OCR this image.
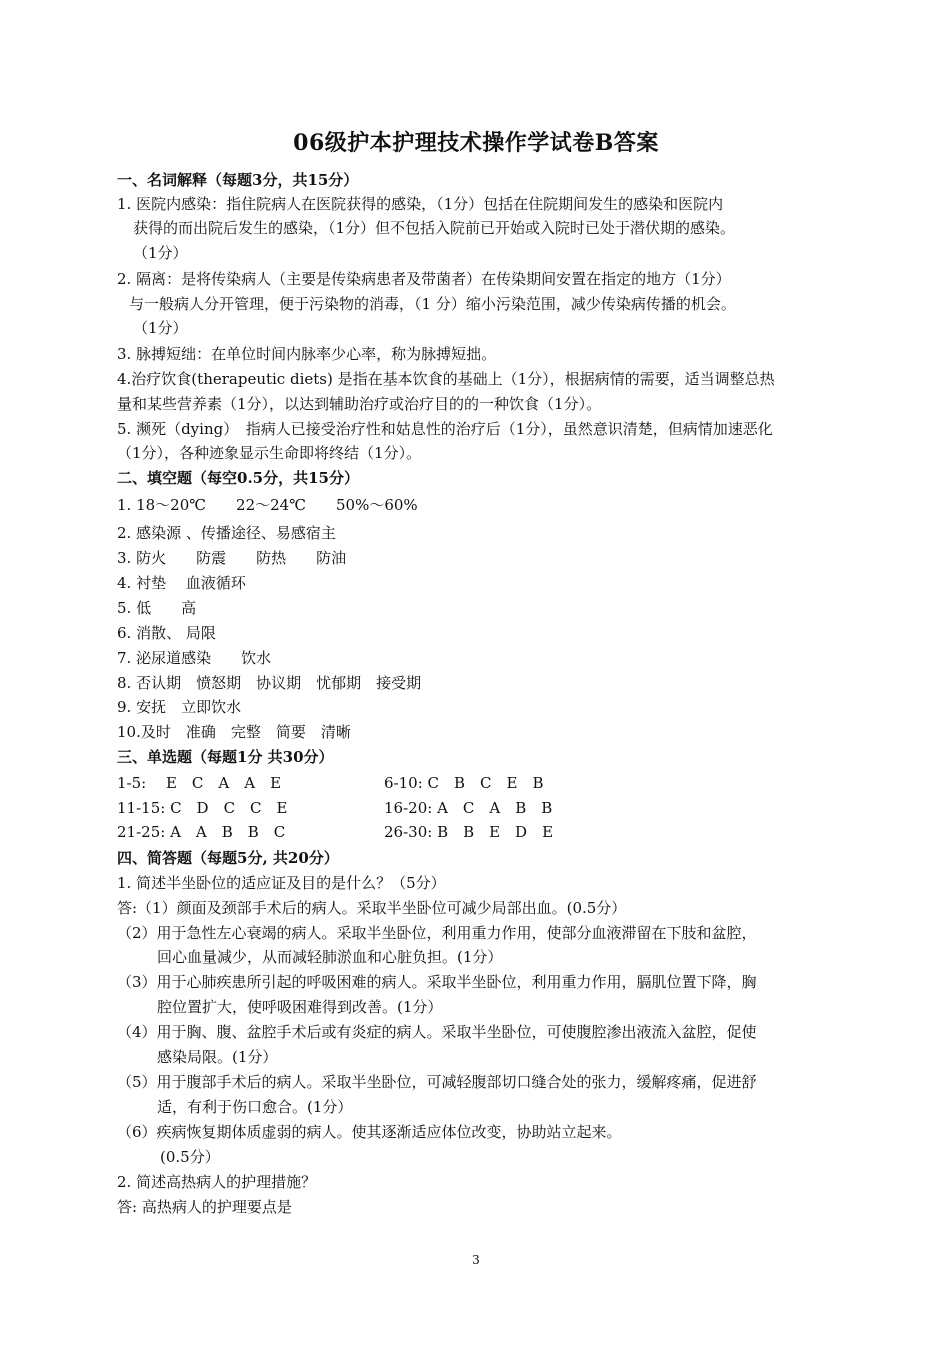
06级护本护理技术操作学试卷B答案
一、名词解释（每题3分，共15分）
1. 医院内感染：指住院病人在医院获得的感染，（1分）包括在住院期间发生的感染和医院内
获得的而出院后发生的感染，（1分）但不包括入院前已开始或入院时已处于潜伏期的感染。
（1分）
2. 隔离：是将传染病人（主要是传染病患者及带菌者）在传染期间安置在指定的地方（1分）
与一般病人分开管理，便于污染物的消毒，（1 分）缩小污染范围，减少传染病传播的机会。
（1分）
3. 脉搏短绌：在单位时间内脉率少心率，称为脉搏短拙。
4.治疗饮食(therapeutic diets) 是指在基本饮食的基础上（1分），根据病情的需要，适当调整总热
量和某些营养素（1分），以达到辅助治疗或治疗目的的一种饮食（1分）。
5. 濒死（dying）　指病人已接受治疗性和姑息性的治疗后（1分），虽然意识清楚，但病情加速恶化
（1分），各种迹象显示生命即将终结（1分）。
二、填空题（每空0.5分，共15分）
1. 18～20℃　　22～24℃　　50%～60%
2. 感染源 、传播途径、易感宿主
3. 防火　　防震　　防热　　防油
4. 衬垫　 血液循环
5. 低　　高
6. 消散、 局限
7. 泌尿道感染　　饮水
8. 否认期　愤怒期　协议期　忧郁期　接受期
9. 安抚　立即饮水
10.及时　准确　完整　简要　清晰
三、单选题（每题1分 共30分）
1-5:　 E　C　A　A　E	6-10: C　B　C　E　B
11-15: C　D　C　C　E	16-20: A　C　A　B　B
21-25: A　A　B　B　C	26-30: B　B　E　D　E
四、简答题（每题5分, 共20分）
1. 简述半坐卧位的适应证及目的是什么？（5分）
答:（1）颜面及颈部手术后的病人。采取半坐卧位可减少局部出血。(0.5分）
（2）用于急性左心衰竭的病人。采取半坐卧位，利用重力作用，使部分血液滞留在下肢和盆腔，
回心血量减少，从而减轻肺淤血和心脏负担。(1分）
（3）用于心肺疾患所引起的呼吸困难的病人。采取半坐卧位，利用重力作用，膈肌位置下降，胸
腔位置扩大，使呼吸困难得到改善。(1分）
（4）用于胸、腹、盆腔手术后或有炎症的病人。采取半坐卧位，可使腹腔渗出液流入盆腔，促使
感染局限。(1分）
（5）用于腹部手术后的病人。采取半坐卧位，可减轻腹部切口缝合处的张力，缓解疼痛，促进舒
适，有利于伤口愈合。(1分）
（6）疾病恢复期体质虚弱的病人。使其逐渐适应体位改变，协助站立起来。
(0.5分）
2. 简述高热病人的护理措施？
答: 高热病人的护理要点是
3
